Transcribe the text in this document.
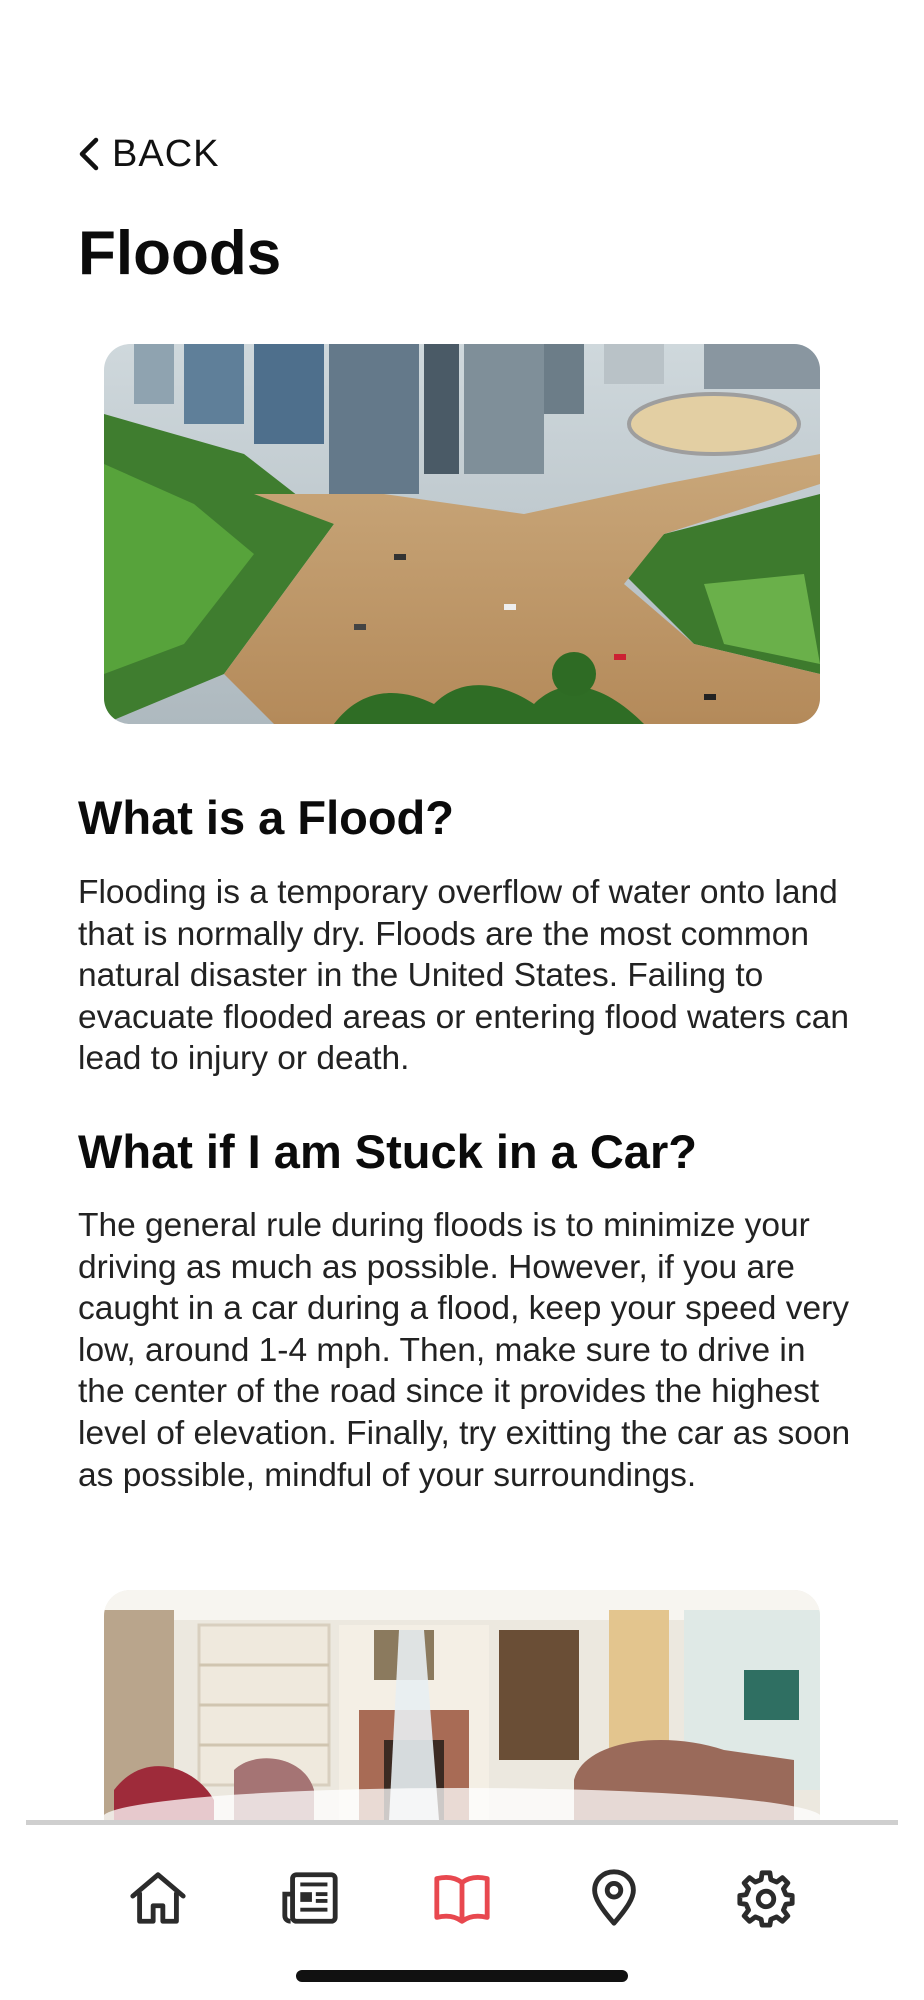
BACK
Floods
What is a Flood?

Flooding is a temporary overflow of water onto land that is normally dry. Floods are the most common natural disaster in the United States. Failing to evacuate flooded areas or entering flood waters can lead to injury or death.

What if I am Stuck in a Car?

The general rule during floods is to minimize your driving as much as possible. However, if you are caught in a car during a flood, keep your speed very low, around 1-4 mph. Then, make sure to drive in the center of the road since it provides the highest level of elevation. Finally, try exitting the car as soon as possible, mindful of your surroundings.
